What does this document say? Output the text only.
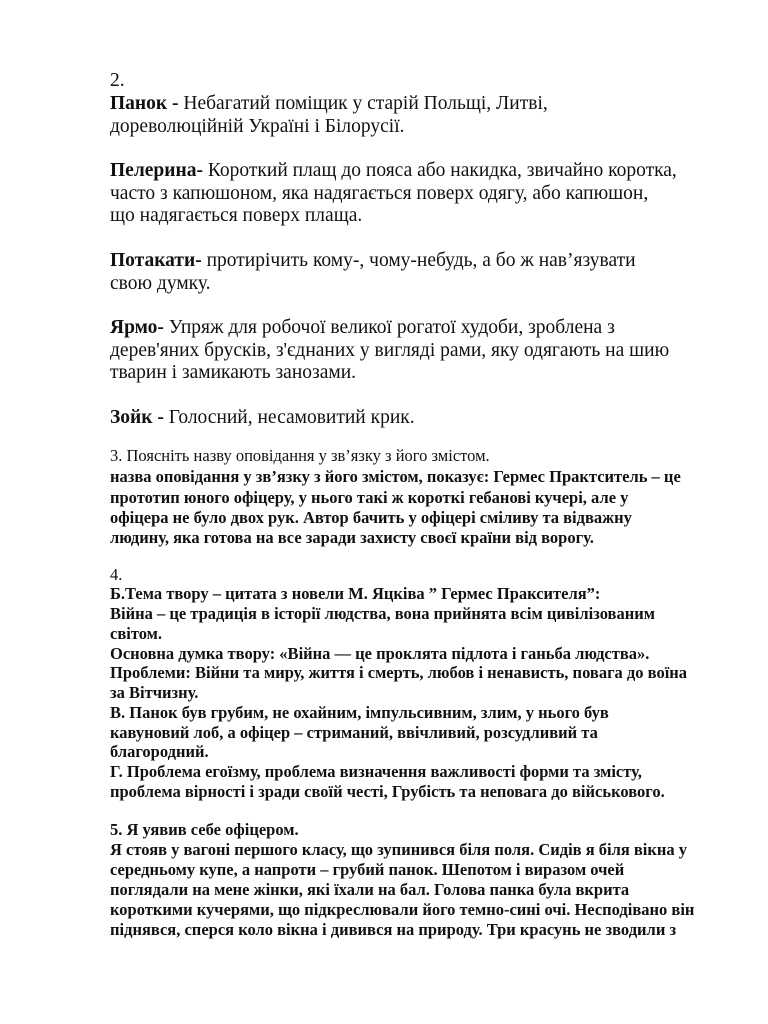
2.
Панок - Небагатий поміщик у старій Польщі, Литві,
дореволюційній Україні і Білорусії.
Пелерина- Короткий плащ до пояса або накидка, звичайно коротка,
часто з капюшоном, яка надягається поверх одягу, або капюшон,
що надягається поверх плаща.
Потакати- протирічить кому-, чому-небудь, а бо ж нав’язувати
свою думку.
Ярмо- Упряж для робочої великої рогатої худоби, зроблена з
дерев'яних брусків, з'єднаних у вигляді рами, яку одягають на шию
тварин і замикають занозами.
Зойк - Голосний, несамовитий крик.
3. Поясніть назву оповідання у зв’язку з його змістом.
назва оповідання у зв’язку з його змістом, показує: Гермес Практситель – це
прототип юного офіцеру, у нього такі ж короткі гебанові кучері, але у
офіцера не було двох рук. Автор бачить у офіцері сміливу та відважну
людину, яка готова на все заради захисту своєї країни від ворогу.
4.
Б.Тема твору – цитата з новели М. Яцківа ” Гермес Праксителя”:
Війна – це традиція в історії людства, вона прийнята всім цивілізованим
світом.
Основна думка твору: «Війна — це проклята підлота і ганьба людства».
Проблеми: Війни та миру, життя і смерть, любов і ненависть, повага до воїна
за Вітчизну.
В. Панок був грубим, не охайним, імпульсивним, злим, у нього був
кавуновий лоб, а офіцер – стриманий, ввічливий, розсудливий та
благородний.
Г. Проблема егоїзму, проблема визначення важливості форми та змісту,
проблема вірності і зради своїй честі, Грубість та неповага до військового.
5. Я уявив себе офіцером.
Я стояв у вагоні першого класу, що зупинився біля поля. Сидів я біля вікна у
середньому купе, а напроти – грубий панок. Шепотом і виразом очей
поглядали на мене жінки, які їхали на бал. Голова панка була вкрита
короткими кучерями, що підкреслювали його темно-сині очі. Несподівано він
піднявся, сперся коло вікна і дивився на природу. Три красунь не зводили з
